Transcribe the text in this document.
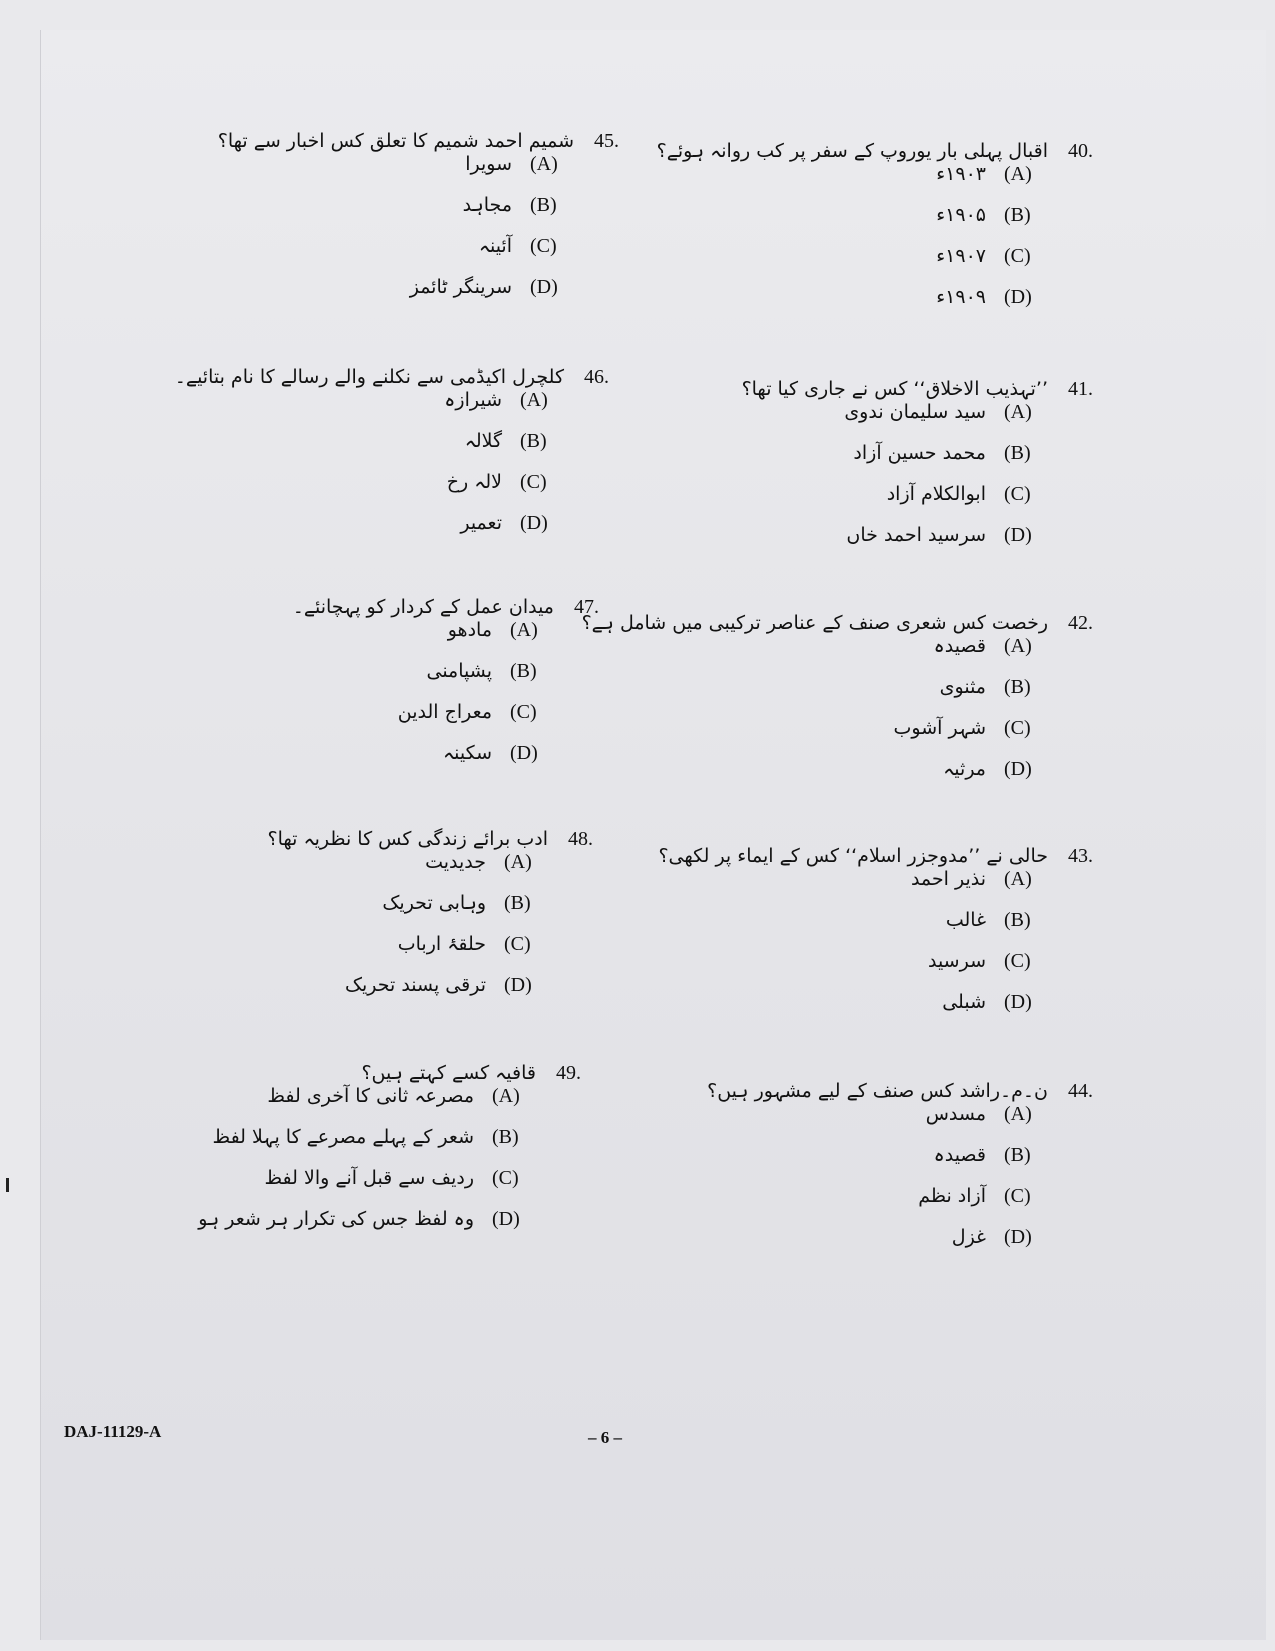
40.
اقبال پہلی بار یوروپ کے سفر پر کب روانہ ہوئے؟
(A)
۱۹۰۳ء
(B)
۱۹۰۵ء
(C)
۱۹۰۷ء
(D)
۱۹۰۹ء
41.
’’تہذیب الاخلاق‘‘ کس نے جاری کیا تھا؟
(A)
سید سلیمان ندوی
(B)
محمد حسین آزاد
(C)
ابوالکلام آزاد
(D)
سرسید احمد خاں
42.
رخصت کس شعری صنف کے عناصر ترکیبی میں شامل ہے؟
(A)
قصیدہ
(B)
مثنوی
(C)
شہر آشوب
(D)
مرثیہ
43.
حالی نے ’’مدوجزر اسلام‘‘ کس کے ایماء پر لکھی؟
(A)
نذیر احمد
(B)
غالب
(C)
سرسید
(D)
شبلی
44.
ن۔م۔راشد کس صنف کے لیے مشہور ہیں؟
(A)
مسدس
(B)
قصیدہ
(C)
آزاد نظم
(D)
غزل
45.
شمیم احمد شمیم کا تعلق کس اخبار سے تھا؟
(A)
سویرا
(B)
مجاہد
(C)
آئینہ
(D)
سرینگر ٹائمز
46.
کلچرل اکیڈمی سے نکلنے والے رسالے کا نام بتائیے۔
(A)
شیرازہ
(B)
گلالہ
(C)
لالہ رخ
(D)
تعمیر
47.
میدان عمل کے کردار کو پہچانئے۔
(A)
مادھو
(B)
پشپامنی
(C)
معراج الدین
(D)
سکینہ
48.
ادب برائے زندگی کس کا نظریہ تھا؟
(A)
جدیدیت
(B)
وہابی تحریک
(C)
حلقۂ ارباب
(D)
ترقی پسند تحریک
49.
قافیہ کسے کہتے ہیں؟
(A)
مصرعہ ثانی کا آخری لفظ
(B)
شعر کے پہلے مصرعے کا پہلا لفظ
(C)
ردیف سے قبل آنے والا لفظ
(D)
وہ لفظ جس کی تکرار ہر شعر ہو
DAJ-11129-A	– 6 –
